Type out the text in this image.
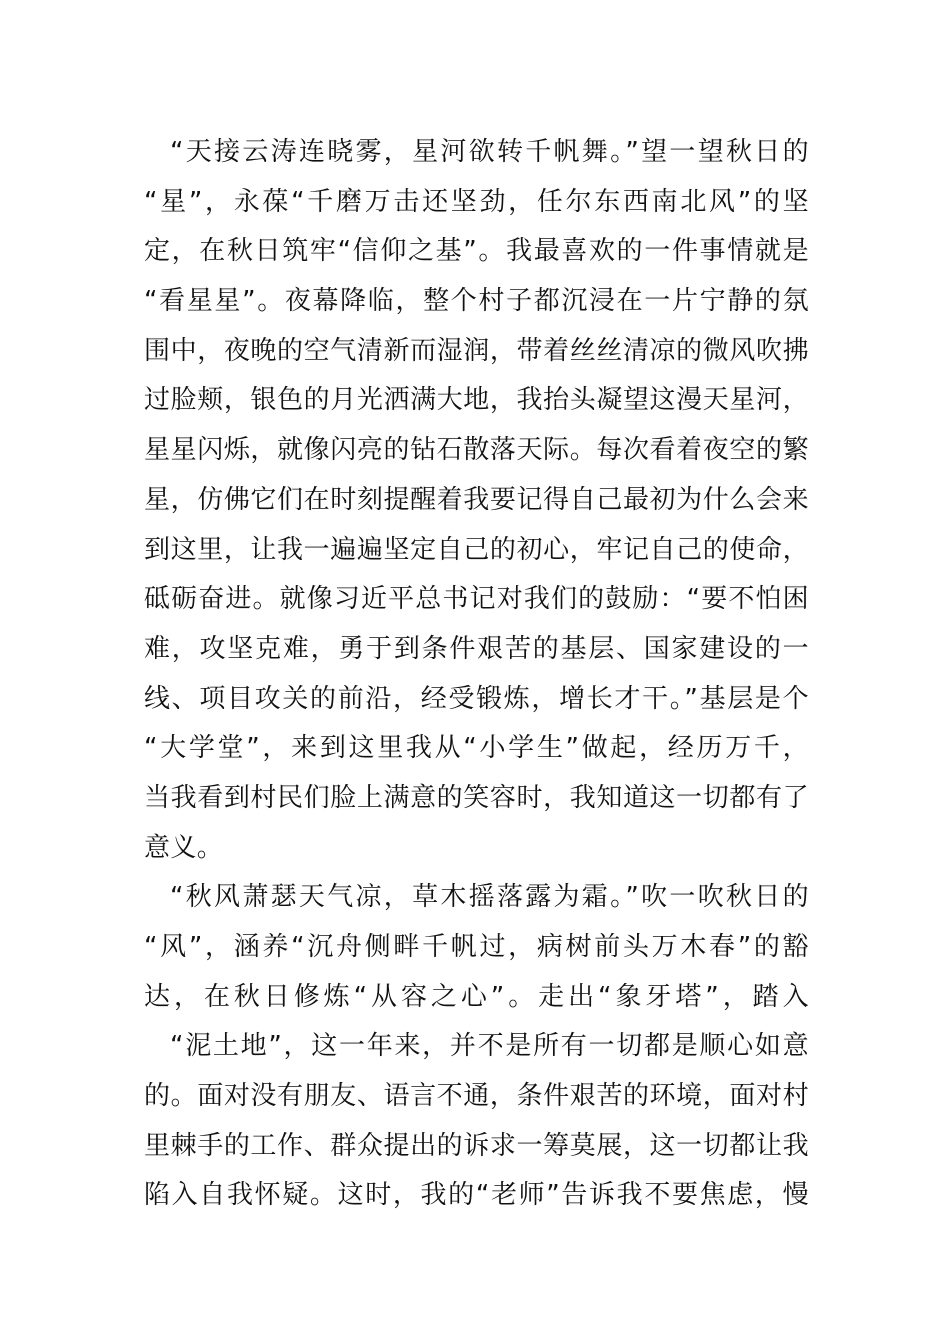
“天接云涛连晓雾，星河欲转千帆舞。”望一望秋日的
“星”，永葆“千磨万击还坚劲，任尔东西南北风”的坚
定，在秋日筑牢“信仰之基”。我最喜欢的一件事情就是
“看星星”。夜幕降临，整个村子都沉浸在一片宁静的氛
围中，夜晚的空气清新而湿润，带着丝丝清凉的微风吹拂
过脸颊，银色的月光洒满大地，我抬头凝望这漫天星河，
星星闪烁，就像闪亮的钻石散落天际。每次看着夜空的繁
星，仿佛它们在时刻提醒着我要记得自己最初为什么会来
到这里，让我一遍遍坚定自己的初心，牢记自己的使命，
砥砺奋进。就像习近平总书记对我们的鼓励：“要不怕困
难，攻坚克难，勇于到条件艰苦的基层、国家建设的一
线、项目攻关的前沿，经受锻炼，增长才干。”基层是个
“大学堂”，来到这里我从“小学生”做起，经历万千，
当我看到村民们脸上满意的笑容时，我知道这一切都有了
意义。
“秋风萧瑟天气凉，草木摇落露为霜。”吹一吹秋日的
“风”，涵养“沉舟侧畔千帆过，病树前头万木春”的豁
达，在秋日修炼“从容之心”。走出“象牙塔”，踏入
“泥土地”，这一年来，并不是所有一切都是顺心如意
的。面对没有朋友、语言不通，条件艰苦的环境，面对村
里棘手的工作、群众提出的诉求一筹莫展，这一切都让我
陷入自我怀疑。这时，我的“老师”告诉我不要焦虑，慢
